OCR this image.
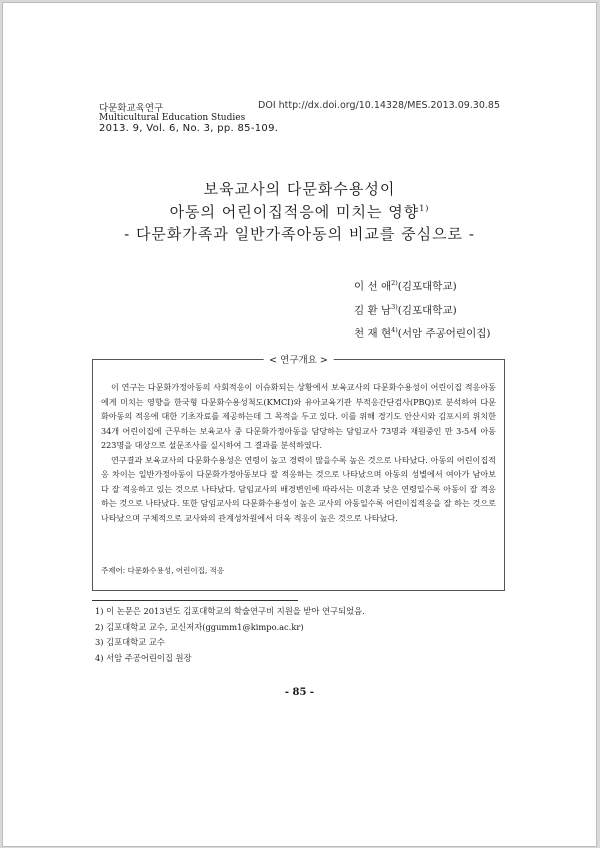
다문화교육연구	DOI http://dx.doi.org/10.14328/MES.2013.09.30.85
Multicultural Education Studies
2013. 9, Vol. 6, No. 3, pp. 85-109.
보육교사의 다문화수용성이
아동의 어린이집적응에 미치는 영향$^{1)}$
- 다문화가족과 일반가족아동의 비교를 중심으로 -
이 선 애$^{2)}$(김포대학교)
김 환 남$^{3)}$(김포대학교)
천 재 현$^{4)}$(서암 주공어린이집)
< 연구개요 >

이 연구는 다문화가정아동의 사회적응이 이슈화되는 상황에서 보육교사의 다문화수용성이 어린이집 적응아동에게 미치는 영향을 한국형 다문화수용성척도(KMCI)와 유아교육기관 부적응간단검사(PBQ)로 분석하여 다문화아동의 적응에 대한 기초자료를 제공하는데 그 목적을 두고 있다. 이를 위해 경기도 안산시와 김포시의 위치한 34개 어린이집에 근무하는 보육교사 중 다문화가정아동을 담당하는 담임교사 73명과 재원중인 만 3-5세 아동 223명을 대상으로 설문조사를 실시하여 그 결과를 분석하였다.

연구결과 보육교사의 다문화수용성은 연령이 높고 경력이 많을수록 높은 것으로 나타났다. 아동의 어린이집적응 차이는 일반가정아동이 다문화가정아동보다 잘 적응하는 것으로 나타났으며 아동의 성별에서 여아가 남아보다 잘 적응하고 있는 것으로 나타났다. 담임교사의 배경변인에 따라서는 미혼과 낮은 연령일수록 아동이 잘 적응하는 것으로 나타났다. 또한 담임교사의 다문화수용성이 높은 교사의 아동일수록 어린이집적응을 잘 하는 것으로 나타났으며 구체적으로 교사와의 관계성차원에서 더욱 적응이 높은 것으로 나타났다.

주제어: 다문화수용성, 어린이집, 적응
1) 이 논문은 2013년도 김포대학교의 학술연구비 지원을 받아 연구되었음.
2) 김포대학교 교수, 교신저자(ggumm1@kimpo.ac.kr)
3) 김포대학교 교수
4) 서암 주공어린이집 원장
- 85 -
